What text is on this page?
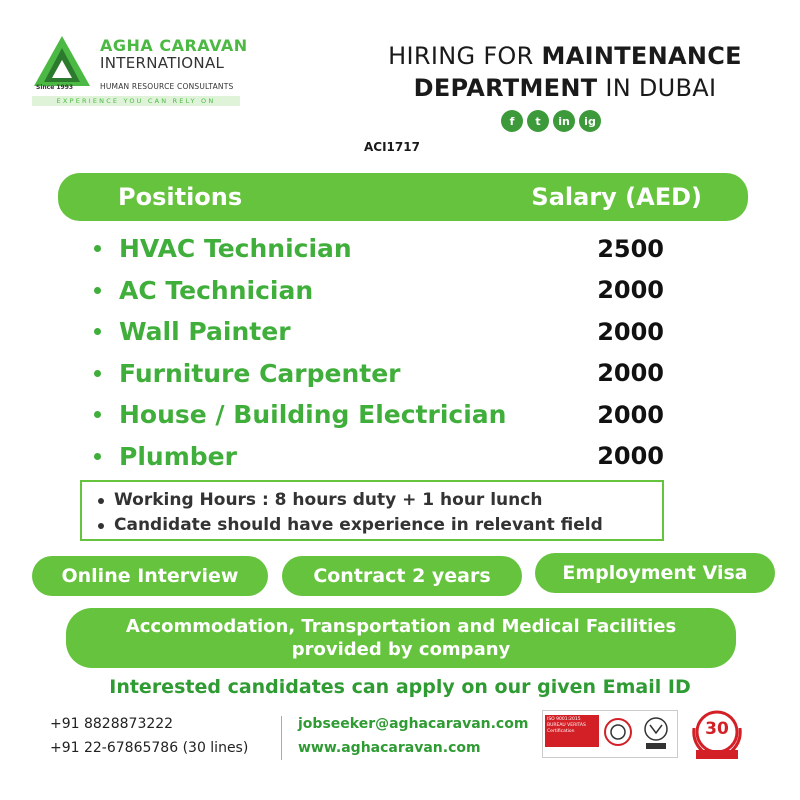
AGHA CARAVAN
INTERNATIONAL
HUMAN RESOURCE CONSULTANTS
Since 1993
EXPERIENCE YOU CAN RELY ON
HIRING FOR MAINTENANCE
DEPARTMENT IN DUBAI
f	t	in	ig
ACI1717
Positions	Salary (AED)
HVAC Technician	2500
AC Technician	2000
Wall Painter	2000
Furniture Carpenter	2000
House / Building Electrician	2000
Plumber	2000
Working Hours : 8 hours duty + 1 hour lunch
Candidate should have experience in relevant field
Online Interview	Contract 2 years	Employment Visa
Accommodation, Transportation and Medical Facilities
provided by company
Interested candidates can apply on our given Email ID
+91 8828873222
+91 22-67865786 (30 lines)
jobseeker@aghacaravan.com
www.aghacaravan.com
ISO 9001:2015 BUREAU VERITAS Certification	30
